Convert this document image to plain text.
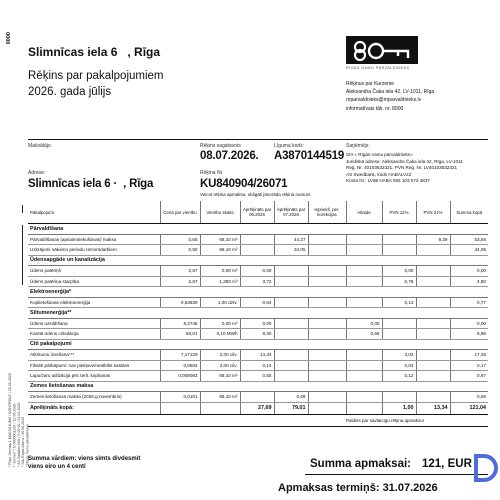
0000
* Rīga Jūrmala 1 MAKSĀJUMS / KONTROLE / 28.06.2026
* "Zemes" / N 0000001234 / 12.06.2026
* AS Sadales tīkls / 0 00 00 / 01.01.2026
* SIA Rīgas ūdens / 26.06.2026
* Rīgas nams pārvaldnieks
Slimnīcas iela 6 , Rīga
Rēķins par pakalpojumiem
2026. gada jūlijs
RĪGAS NAMU PĀRVALDNIEKS
Rēķinus par Kurzeme
Aleksandra Čaka iela 42, LV-1011, Rīga
rnparvaldnieks@rnparvaldnieks.lv
informatīvais tālr. nr. 8900
Maksātājs:	Rēķins sagatavots
08.07.2026.
Līguma kods:
A3870144519
Saņēmējs:
SIA « Rīgas namu pārvaldnieks»
Juridiskā adrese: Aleksandra Čaka iela 42, Rīga, LV-1011
Reģ. Nr. 40103632321, PVN Reģ. Nr. LV40103632321
AS Swedbank, kods HABALV22
Konta Nr.: LV98 HABA 055 103 073 4837
Adrese:
Slimnīcas iela 6 · , Rīga
Rēķina Nr.
KU840904/26071
Veicot rēķina apmaksu, obligāti jānorāda rēķina numurs
Pakalpojumi	Cena par vienību	Vienību skaits	Aprēķināts par 06.2026	Aprēķināts par 07.2026	Iepriekš. per. korekcijas	Atlaide	PVN 12%	PVN 21%	Summa kopā
Pārvaldīšana									
Pārvaldīšanas (apsaimniekošanas) maksa	0,65	68,10 m²		44,27				9,29	53,56
Uzkrājumi nākamo periodu remontdarbiem	0,50	68,10 m²		34,05					34,05
Ūdensapgāde un kanalizācija									
Ūdens patēriņš	2,67	0,00 m³	0,00				0,00		0,00
Ūdens patēriņa starpība	2,67	1,393 m³	3,72				0,78		4,50
Elektroenerģija*									
Koplietošanas elektroenerģija	0,63839	1,00 dzīv.	0,64				0,13		0,77
Siltumenerģija**									
Ūdens uzsildīšana	8,3746	0,00 m³	0,00			0,00			0,00
Karstā ūdens cirkulācija	83,01	0,10 MWh	8,30			0,66			8,96
Citi pakalpojumi									
Atkritumu izvešana***	7,17129	2,00 cilv.	14,34				3,02		17,36
Fiksēti pārkāpumi: nav piekļuve/neatbilst sastāvs	0,0683	2,00 cilv.	0,14				0,03		0,17
Lapu/zaru utilizācija pēc terit. kopšanas	0,008083	68,10 m²	0,55				0,12		0,67
Zemes lietošanas maksa									
Zemes lietošanas maksa (2026.g.novembris)	0,0101	68,10 m²		0,69					0,69
Aprēķināts kopā:			27,69	79,01			1,00	13,34	121,04
Paldies par savlaicīgu rēķina apmaksu!
Summa vārdiem: viens simts divdesmit viens eiro un 4 centi	Summa apmaksai: 121, EUR
Apmaksas termiņš: 31.07.2026
